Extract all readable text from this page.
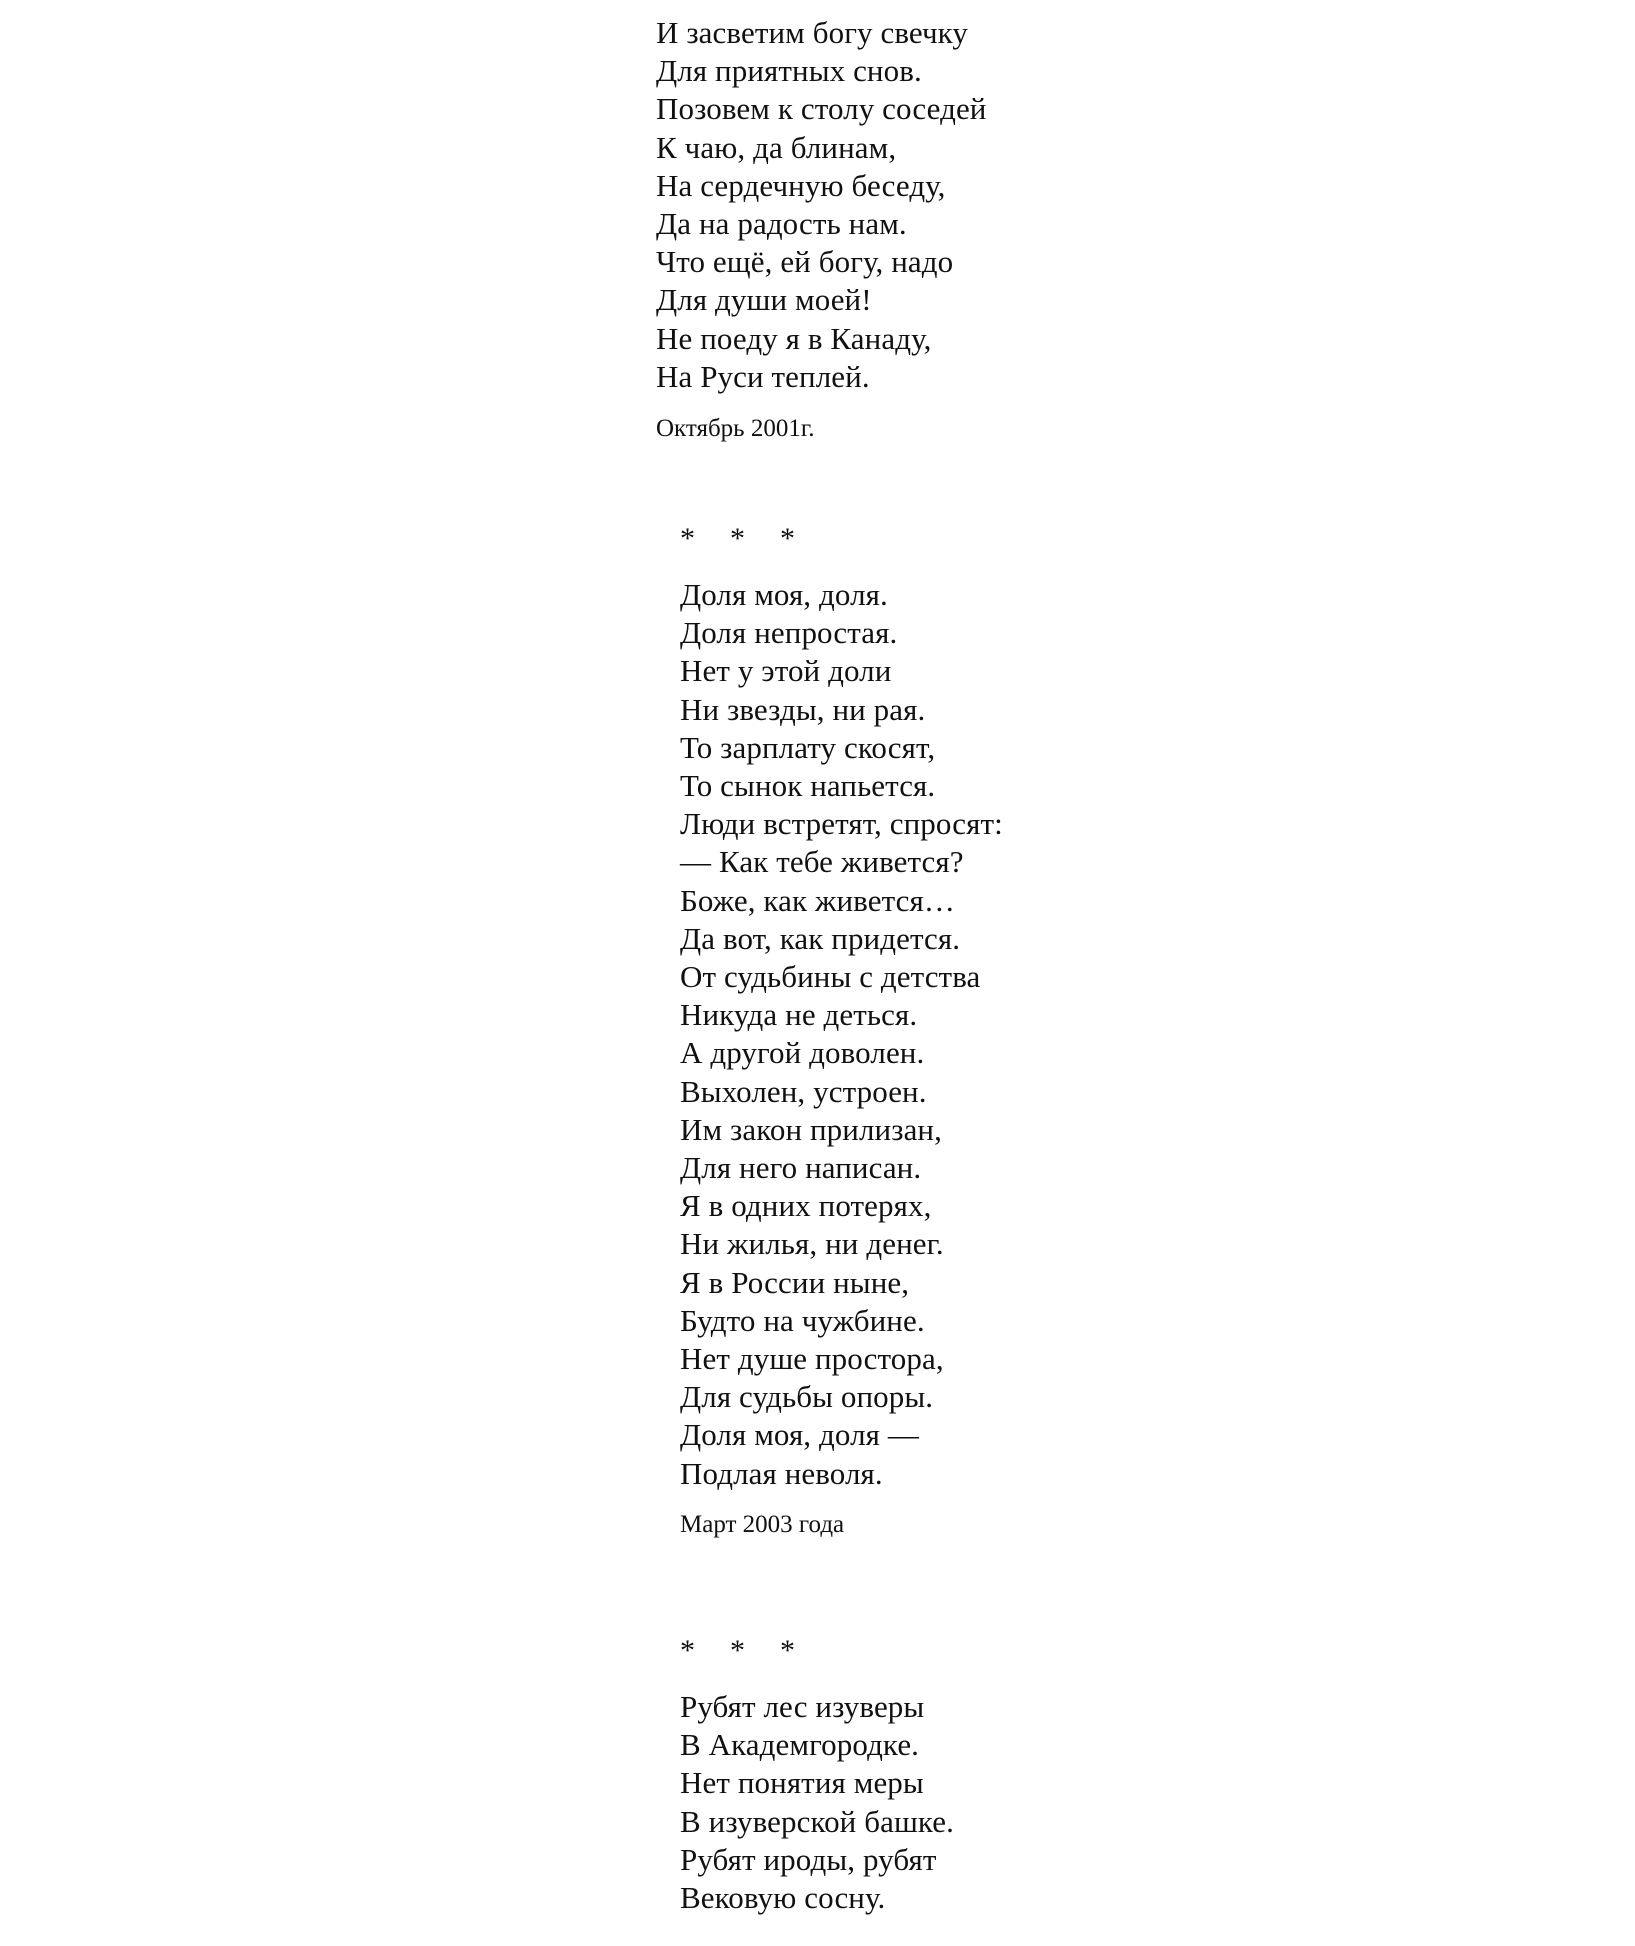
И засветим богу свечку
Для приятных снов.
Позовем к столу соседей
К чаю, да блинам,
На сердечную беседу,
Да на радость нам.
Что ещё, ей богу, надо
Для души моей!
Не поеду я в Канаду,
На Руси теплей.
Октябрь 2001г.
* * *
Доля моя, доля.
Доля непростая.
Нет у этой доли
Ни звезды, ни рая.
То зарплату скосят,
То сынок напьется.
Люди встретят, спросят:
— Как тебе живется?
Боже, как живется…
Да вот, как придется.
От судьбины с детства
Никуда не деться.
А другой доволен.
Выхолен, устроен.
Им закон прилизан,
Для него написан.
Я в одних потерях,
Ни жилья, ни денег.
Я в России ныне,
Будто на чужбине.
Нет душе простора,
Для судьбы опоры.
Доля моя, доля —
Подлая неволя.
Март 2003 года
* * *
Рубят лес изуверы
В Академгородке.
Нет понятия меры
В изуверской башке.
Рубят ироды, рубят
Вековую сосну.
